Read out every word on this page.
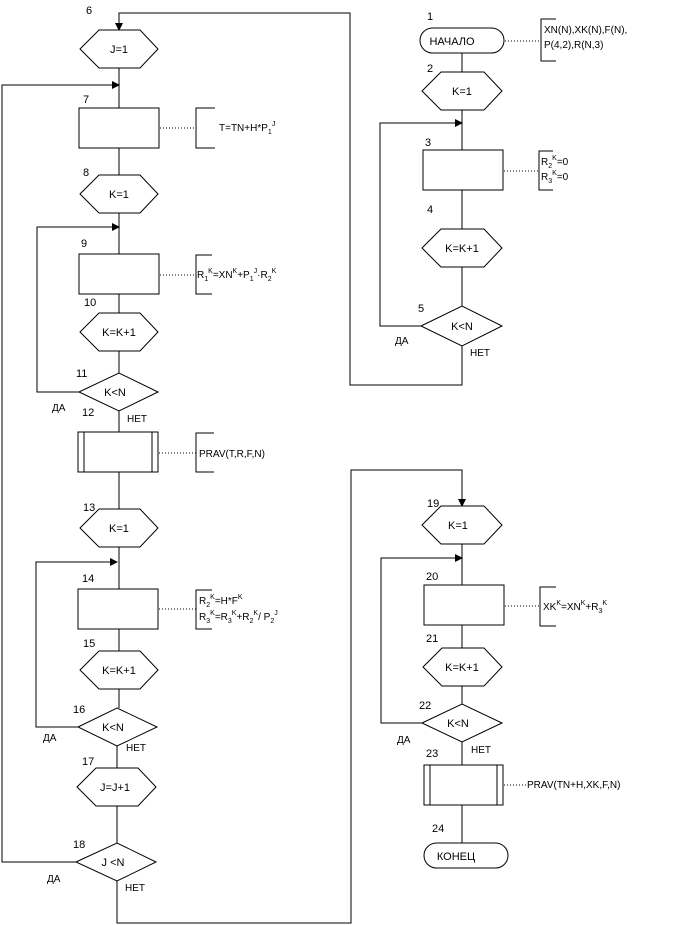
НАЧАЛО
K=1
K=K+1
K<N
J=1
K=1
K=K+1
K<N
K=1
K=K+1
K<N
J=J+1
J <N
K=1
K=K+1
K<N
КОНЕЦ
1
2
3
4
5
6
7
8
9
10
11
12
13
14
15
16
17
18
19
20
21
22
23
24
ДА
НЕТ
ДА
НЕТ
ДА
НЕТ
ДА
НЕТ
ДА
НЕТ
XN(N),XK(N),F(N),
P(4,2),R(N,3)
$R_2^K=0$
$R_3^K=0$
$T=TN+H*P_1^J$
$R_1^K=XN^K+P_1^J\cdot R_2^K$
PRAV(T,R,F,N)
$R_2^K=H*F^K$
$R_3^K=R_3^K+R_2^K/$ $P_2^J$
$XK^K=XN^K+R_3^K$
PRAV(TN+H,XK,F,N)
